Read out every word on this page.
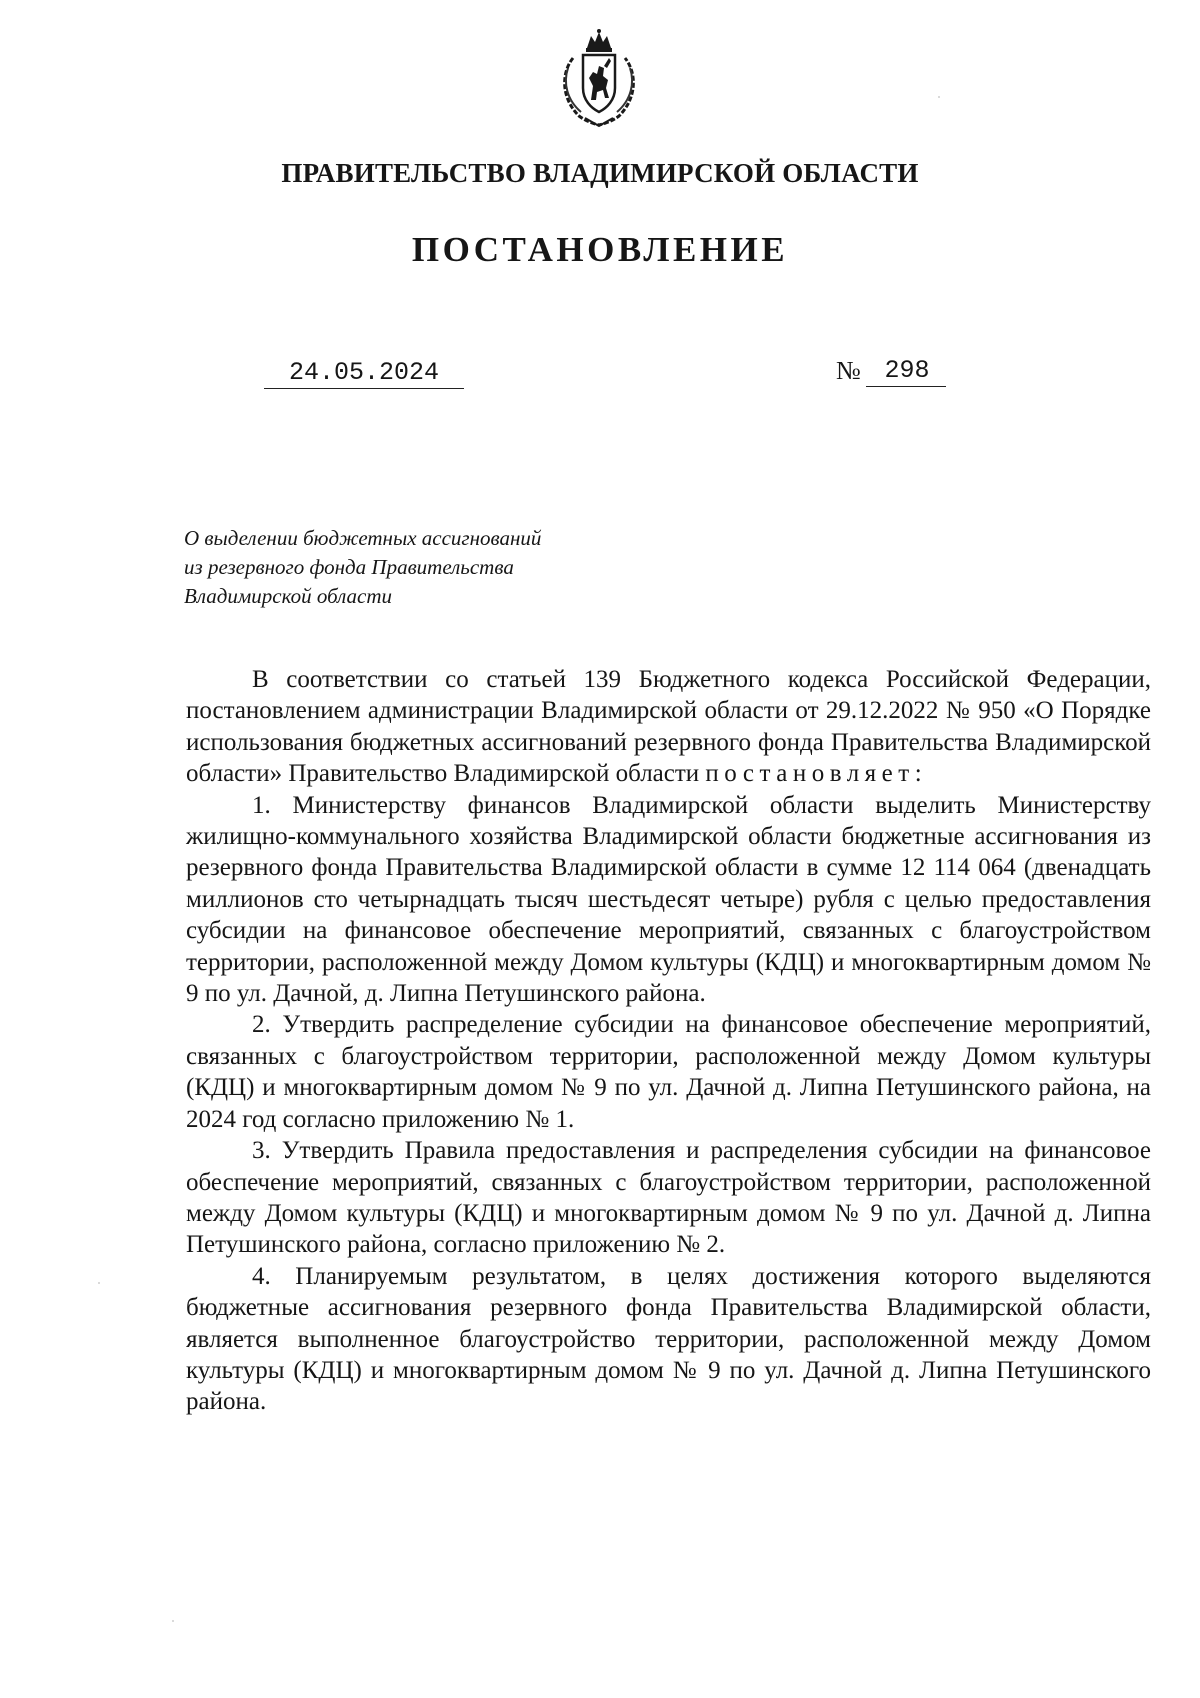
ПРАВИТЕЛЬСТВО ВЛАДИМИРСКОЙ ОБЛАСТИ
ПОСТАНОВЛЕНИЕ
24.05.2024	№ 298
О выделении бюджетных ассигнований
из резервного фонда Правительства
Владимирской области

В соответствии со статьей 139 Бюджетного кодекса Российской Федерации, постановлением администрации Владимирской области от 29.12.2022 № 950 «О Порядке использования бюджетных ассигнований резервного фонда Правительства Владимирской области» Правительство Владимирской области постановляет:

1. Министерству финансов Владимирской области выделить Министерству жилищно-коммунального хозяйства Владимирской области бюджетные ассигнования из резервного фонда Правительства Владимирской области в сумме 12 114 064 (двенадцать миллионов сто четырнадцать тысяч шестьдесят четыре) рубля с целью предоставления субсидии на финансовое обеспечение мероприятий, связанных с благоустройством территории, расположенной между Домом культуры (КДЦ) и многоквартирным домом № 9 по ул. Дачной, д. Липна Петушинского района.

2. Утвердить распределение субсидии на финансовое обеспечение мероприятий, связанных с благоустройством территории, расположенной между Домом культуры (КДЦ) и многоквартирным домом № 9 по ул. Дачной д. Липна Петушинского района, на 2024 год согласно приложению № 1.

3. Утвердить Правила предоставления и распределения субсидии на финансовое обеспечение мероприятий, связанных с благоустройством территории, расположенной между Домом культуры (КДЦ) и многоквартирным домом № 9 по ул. Дачной д. Липна Петушинского района, согласно приложению № 2.

4. Планируемым результатом, в целях достижения которого выделяются бюджетные ассигнования резервного фонда Правительства Владимирской области, является выполненное благоустройство территории, расположенной между Домом культуры (КДЦ) и многоквартирным домом № 9 по ул. Дачной д. Липна Петушинского района.
